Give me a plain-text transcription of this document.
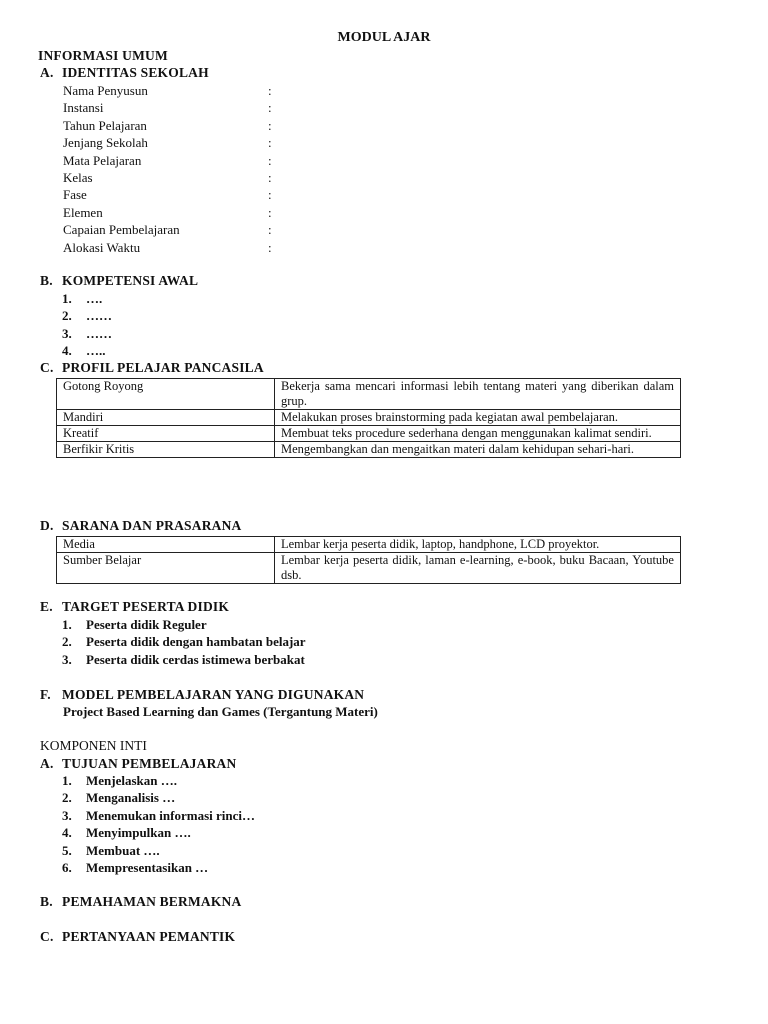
MODUL AJAR
INFORMASI UMUM
A. IDENTITAS SEKOLAH
Nama Penyusun	:
Instansi	:
Tahun Pelajaran	:
Jenjang Sekolah	:
Mata Pelajaran	:
Kelas	:
Fase	:
Elemen	:
Capaian Pembelajaran	:
Alokasi Waktu	:
B. KOMPETENSI AWAL
1. ….
2. ……
3. ……
4. …..
C. PROFIL PELAJAR PANCASILA
Gotong Royong	Bekerja sama mencari informasi lebih tentang materi yang diberikan dalam grup.
Mandiri	Melakukan proses brainstorming pada kegiatan awal pembelajaran.
Kreatif	Membuat teks procedure sederhana dengan menggunakan kalimat sendiri.
Berfikir Kritis	Mengembangkan dan mengaitkan materi dalam kehidupan sehari-hari.
D. SARANA DAN PRASARANA
Media	Lembar kerja peserta didik, laptop, handphone, LCD proyektor.
Sumber Belajar	Lembar kerja peserta didik, laman e-learning, e-book, buku Bacaan, Youtube dsb.
E. TARGET PESERTA DIDIK
1. Peserta didik Reguler
2. Peserta didik dengan hambatan belajar
3. Peserta didik cerdas istimewa berbakat
F. MODEL PEMBELAJARAN YANG DIGUNAKAN
Project Based Learning dan Games (Tergantung Materi)
KOMPONEN INTI
A. TUJUAN PEMBELAJARAN
1. Menjelaskan ….
2. Menganalisis …
3. Menemukan informasi rinci…
4. Menyimpulkan ….
5. Membuat ….
6. Mempresentasikan …
B. PEMAHAMAN BERMAKNA
C. PERTANYAAN PEMANTIK
